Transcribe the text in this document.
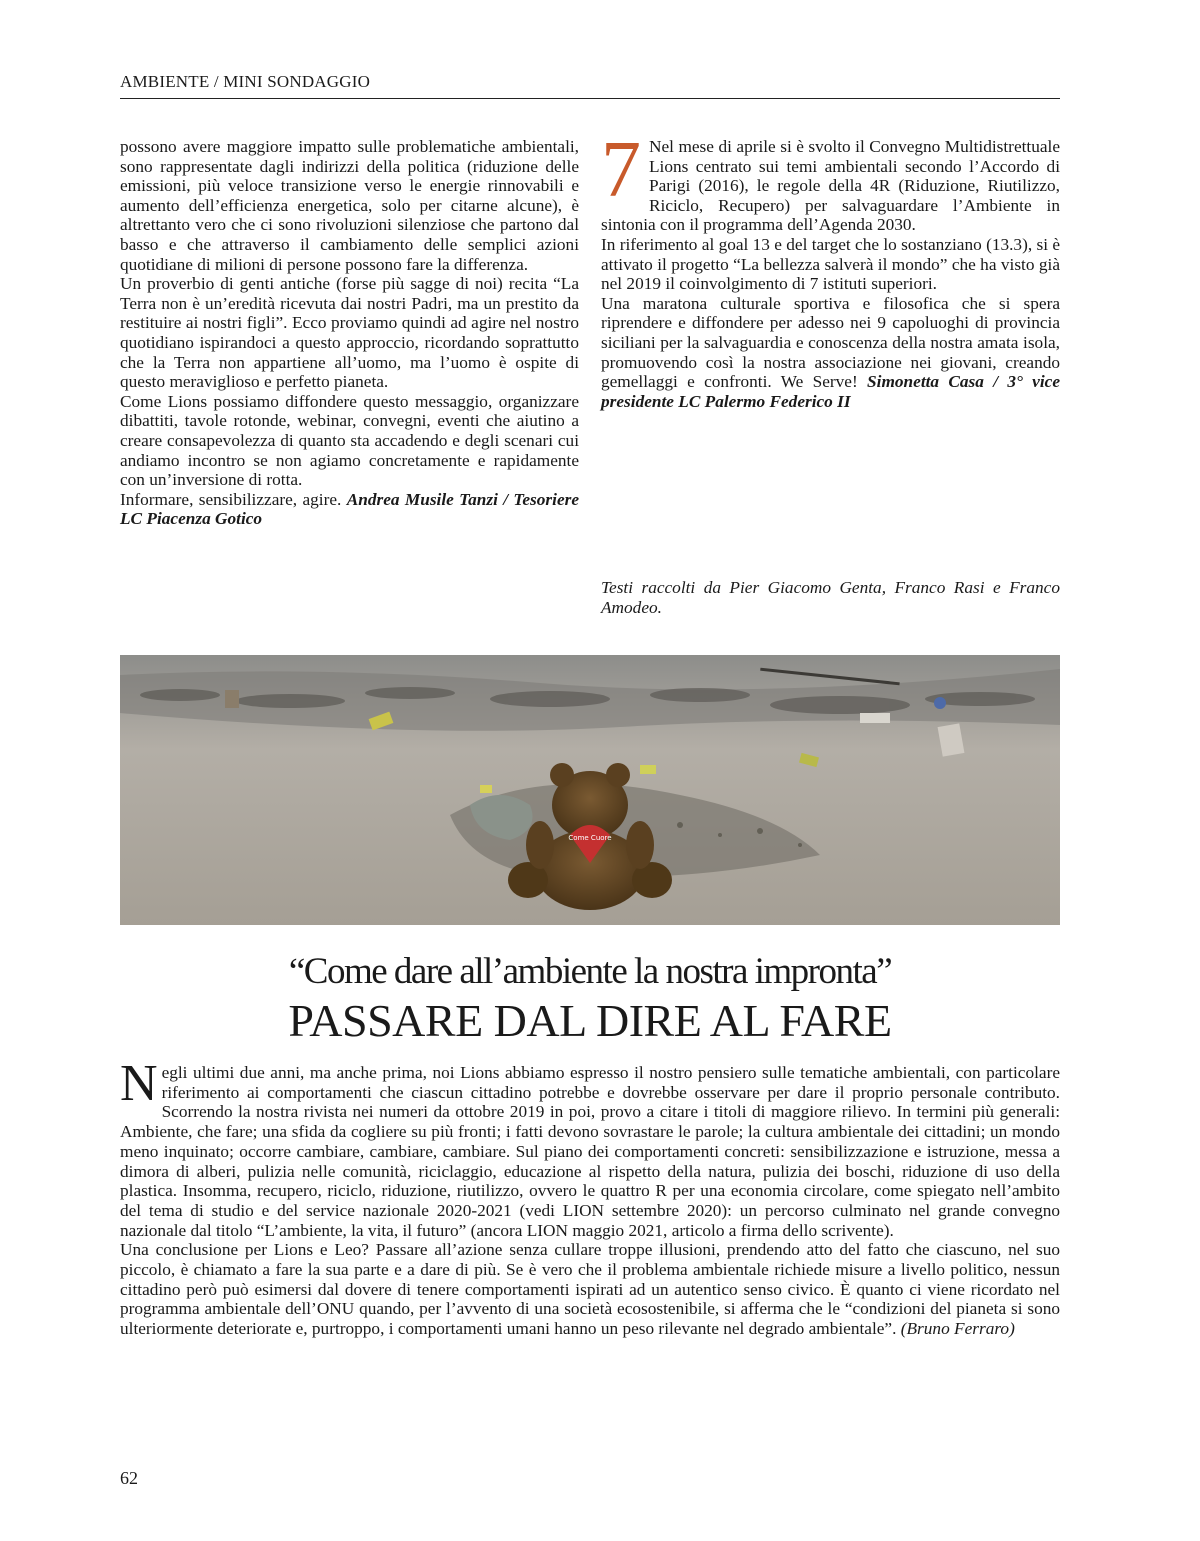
AMBIENTE / MINI SONDAGGIO

possono avere maggiore impatto sulle problematiche ambientali, sono rappresentate dagli indirizzi della politica (riduzione delle emissioni, più veloce transizione verso le energie rinnovabili e aumento dell’efficienza energetica, solo per citarne alcune), è altrettanto vero che ci sono rivoluzioni silenziose che partono dal basso e che attraverso il cambiamento delle semplici azioni quotidiane di milioni di persone possono fare la differenza.

Un proverbio di genti antiche (forse più sagge di noi) recita “La Terra non è un’eredità ricevuta dai nostri Padri, ma un prestito da restituire ai nostri figli”. Ecco proviamo quindi ad agire nel nostro quotidiano ispirandoci a questo approccio, ricordando soprattutto che la Terra non appartiene all’uomo, ma l’uomo è ospite di questo meraviglioso e perfetto pianeta.

Come Lions possiamo diffondere questo messaggio, organizzare dibattiti, tavole rotonde, webinar, convegni, eventi che aiutino a creare consapevolezza di quanto sta accadendo e degli scenari cui andiamo incontro se non agiamo concretamente e rapidamente con un’inversione di rotta.

Informare, sensibilizzare, agire. Andrea Musile Tanzi / Tesoriere LC Piacenza Gotico

7 Nel mese di aprile si è svolto il Convegno Multidistrettuale Lions centrato sui temi ambientali secondo l’Accordo di Parigi (2016), le regole della 4R (Riduzione, Riutilizzo, Riciclo, Recupero) per salvaguardare l’Ambiente in sintonia con il programma dell’Agenda 2030.

In riferimento al goal 13 e del target che lo sostanziano (13.3), si è attivato il progetto “La bellezza salverà il mondo” che ha visto già nel 2019 il coinvolgimento di 7 istituti superiori.

Una maratona culturale sportiva e filosofica che si spera riprendere e diffondere per adesso nei 9 capoluoghi di provincia siciliani per la salvaguardia e conoscenza della nostra amata isola, promuovendo così la nostra associazione nei giovani, creando gemellaggi e confronti. We Serve! Simonetta Casa / 3° vice presidente LC Palermo Federico II

Testi raccolti da Pier Giacomo Genta, Franco Rasi e Franco Amodeo.
Come Cuore
“Come dare all’ambiente la nostra impronta”
PASSARE DAL DIRE AL FARE
N egli ultimi due anni, ma anche prima, noi Lions abbiamo espresso il nostro pensiero sulle tematiche ambientali, con particolare riferimento ai comportamenti che ciascun cittadino potrebbe e dovrebbe osservare per dare il proprio personale contributo. Scorrendo la nostra rivista nei numeri da ottobre 2019 in poi, provo a citare i titoli di maggiore rilievo. In termini più generali: Ambiente, che fare; una sfida da cogliere su più fronti; i fatti devono sovrastare le parole; la cultura ambientale dei cittadini; un mondo meno inquinato; occorre cambiare, cambiare, cambiare. Sul piano dei comportamenti concreti: sensibilizzazione e istruzione, messa a dimora di alberi, pulizia nelle comunità, riciclaggio, educazione al rispetto della natura, pulizia dei boschi, riduzione di uso della plastica. Insomma, recupero, riciclo, riduzione, riutilizzo, ovvero le quattro R per una economia circolare, come spiegato nell’ambito del tema di studio e del service nazionale 2020-2021 (vedi LION settembre 2020): un percorso culminato nel grande convegno nazionale dal titolo “L’ambiente, la vita, il futuro” (ancora LION maggio 2021, articolo a firma dello scrivente).

Una conclusione per Lions e Leo? Passare all’azione senza cullare troppe illusioni, prendendo atto del fatto che ciascuno, nel suo piccolo, è chiamato a fare la sua parte e a dare di più. Se è vero che il problema ambientale richiede misure a livello politico, nessun cittadino però può esimersi dal dovere di tenere comportamenti ispirati ad un autentico senso civico. È quanto ci viene ricordato nel programma ambientale dell’ONU quando, per l’avvento di una società ecosostenibile, si afferma che le “condizioni del pianeta si sono ulteriormente deteriorate e, purtroppo, i comportamenti umani hanno un peso rilevante nel degrado ambientale”. (Bruno Ferraro)

62
